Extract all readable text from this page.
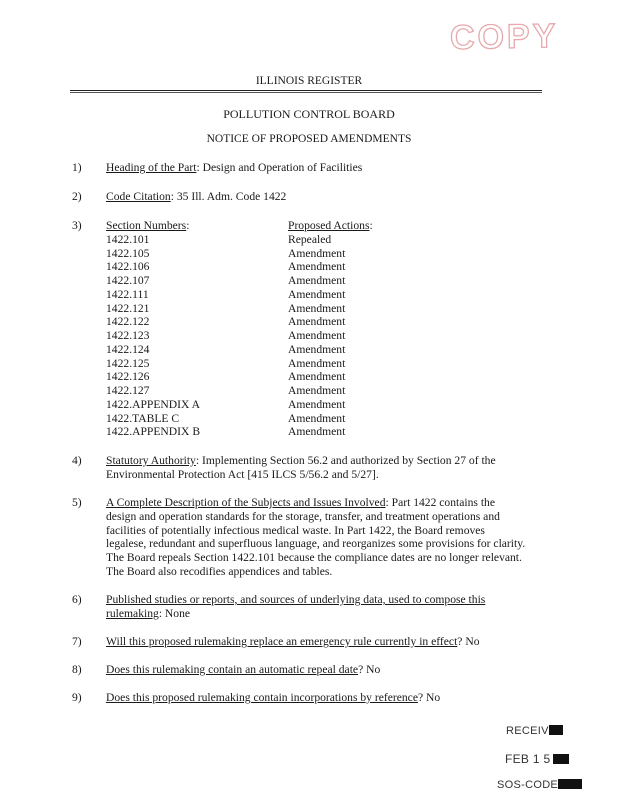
COPY
ILLINOIS REGISTER
POLLUTION CONTROL BOARD
NOTICE OF PROPOSED AMENDMENTS
1) Heading of the Part: Design and Operation of Facilities
2) Code Citation: 35 Ill. Adm. Code 1422
3) Section Numbers:
1422.101
1422.105
1422.106
1422.107
1422.111
1422.121
1422.122
1422.123
1422.124
1422.125
1422.126
1422.127
1422.APPENDIX A
1422.TABLE C
1422.APPENDIX B
Proposed Actions:
Repealed
Amendment
Amendment
Amendment
Amendment
Amendment
Amendment
Amendment
Amendment
Amendment
Amendment
Amendment
Amendment
Amendment
Amendment
4) Statutory Authority: Implementing Section 56.2 and authorized by Section 27 of the Environmental Protection Act [415 ILCS 5/56.2 and 5/27].
5) A Complete Description of the Subjects and Issues Involved: Part 1422 contains the design and operation standards for the storage, transfer, and treatment operations and facilities of potentially infectious medical waste. In Part 1422, the Board removes legalese, redundant and superfluous language, and reorganizes some provisions for clarity. The Board repeals Section 1422.101 because the compliance dates are no longer relevant. The Board also recodifies appendices and tables.
6) Published studies or reports, and sources of underlying data, used to compose this rulemaking: None
7) Will this proposed rulemaking replace an emergency rule currently in effect? No
8) Does this rulemaking contain an automatic repeal date? No
9) Does this proposed rulemaking contain incorporations by reference? No
RECEIV
FEB 1 5
SOS-CODE
